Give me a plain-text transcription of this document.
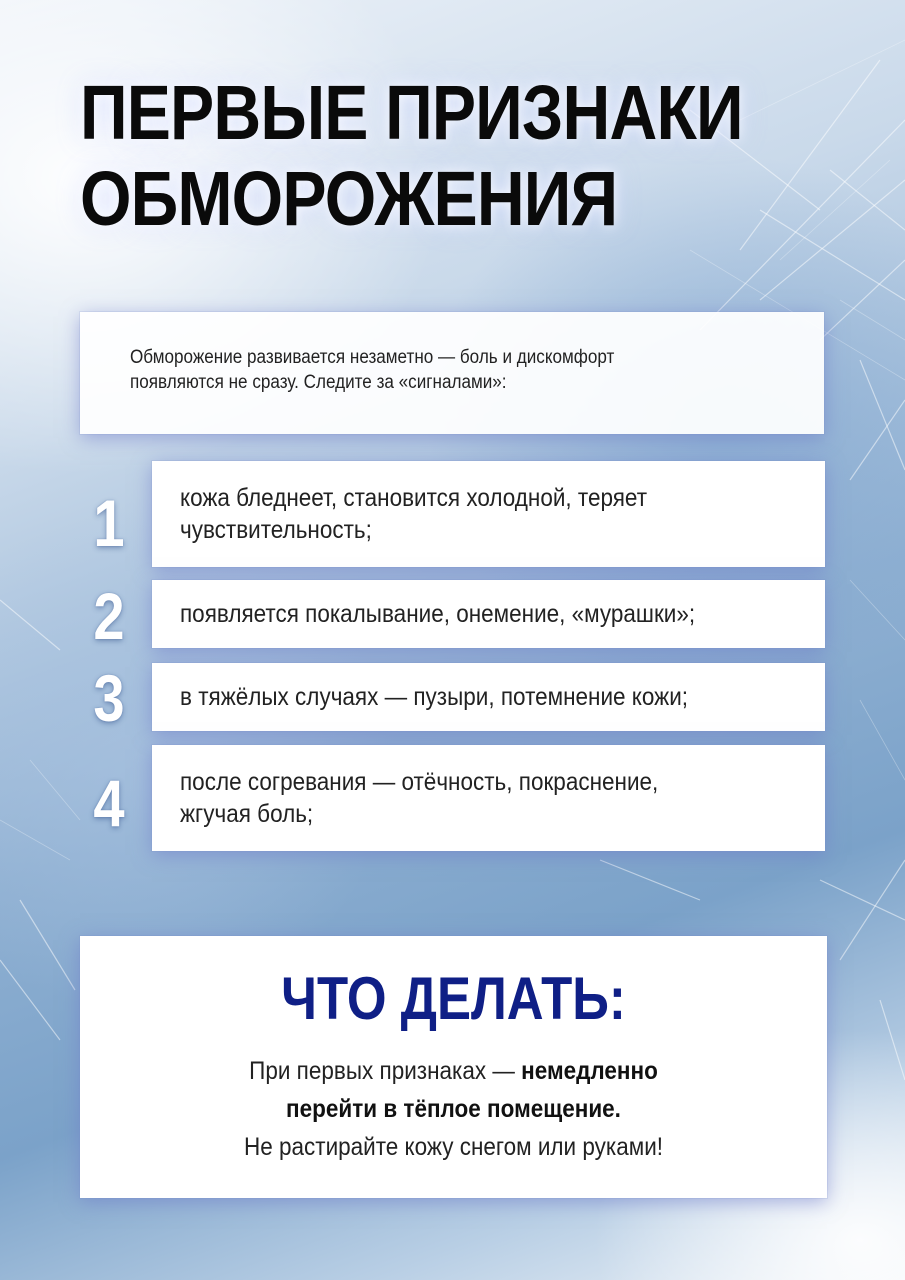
ПЕРВЫЕ ПРИЗНАКИ
ОБМОРОЖЕНИЯ

Обморожение развивается незаметно — боль и дискомфорт
появляются не сразу. Следите за «сигналами»:

1	кожа бледнеет, становится холодной, теряет
чувствительность;
2	появляется покалывание, онемение, «мурашки»;
3	в тяжёлых случаях — пузыри, потемнение кожи;
4	после согревания — отёчность, покраснение,
жгучая боль;
ЧТО ДЕЛАТЬ:
При первых признаках — немедленно
перейти в тёплое помещение.
Не растирайте кожу снегом или руками!
